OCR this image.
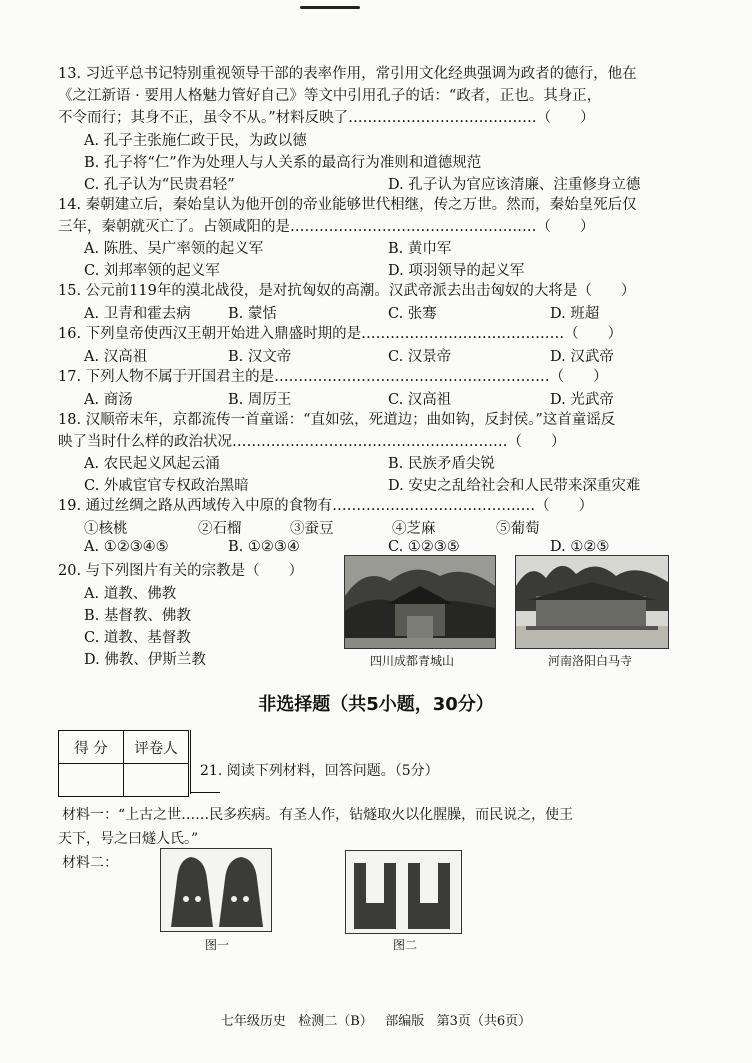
13. 习近平总书记特别重视领导干部的表率作用，常引用文化经典强调为政者的德行，他在
《之江新语 · 要用人格魅力管好自己》等文中引用孔子的话：“政者，正也。其身正，
不令而行；其身不正，虽令不从。”材料反映了…………………………………（　　）
A. 孔子主张施仁政于民，为政以德
B. 孔子将“仁”作为处理人与人关系的最高行为准则和道德规范
C. 孔子认为“民贵君轻”	D. 孔子认为官应该清廉、注重修身立德
14. 秦朝建立后，秦始皇认为他开创的帝业能够世代相继，传之万世。然而，秦始皇死后仅
三年，秦朝就灭亡了。占领咸阳的是……………………………………………（　　）
A. 陈胜、吴广率领的起义军	B. 黄巾军
C. 刘邦率领的起义军	D. 项羽领导的起义军
15. 公元前119年的漠北战役，是对抗匈奴的高潮。汉武帝派去出击匈奴的大将是（　　）
A. 卫青和霍去病	B. 蒙恬	C. 张骞	D. 班超
16. 下列皇帝使西汉王朝开始进入鼎盛时期的是……………………………………（　　）
A. 汉高祖	B. 汉文帝	C. 汉景帝	D. 汉武帝
17. 下列人物不属于开国君主的是…………………………………………………（　　）
A. 商汤	B. 周厉王	C. 汉高祖	D. 光武帝
18. 汉顺帝末年，京都流传一首童谣：“直如弦，死道边；曲如钩，反封侯。”这首童谣反
映了当时什么样的政治状况…………………………………………………（　　）
A. 农民起义风起云涌	B. 民族矛盾尖锐
C. 外戚宦官专权政治黑暗	D. 安史之乱给社会和人民带来深重灾难
19. 通过丝绸之路从西域传入中原的食物有……………………………………（　　）
①核桃	②石榴	③蚕豆	④芝麻	⑤葡萄
A. ①②③④⑤	B. ①②③④	C. ①②③⑤	D. ①②⑤
20. 与下列图片有关的宗教是（　　）
A. 道教、佛教
B. 基督教、佛教
C. 道教、基督教
D. 佛教、伊斯兰教	四川成都青城山	河南洛阳白马寺
非选择题（共5小题，30分）
得 分	评卷人

21. 阅读下列材料，回答问题。（5分）
材料一：“上古之世……民多疾病。有圣人作，钻燧取火以化腥臊，而民说之，使王
天下，号之曰燧人氏。”
材料二：
图一	图二
七年级历史   检测二（B）   部编版   第3页（共6页）
